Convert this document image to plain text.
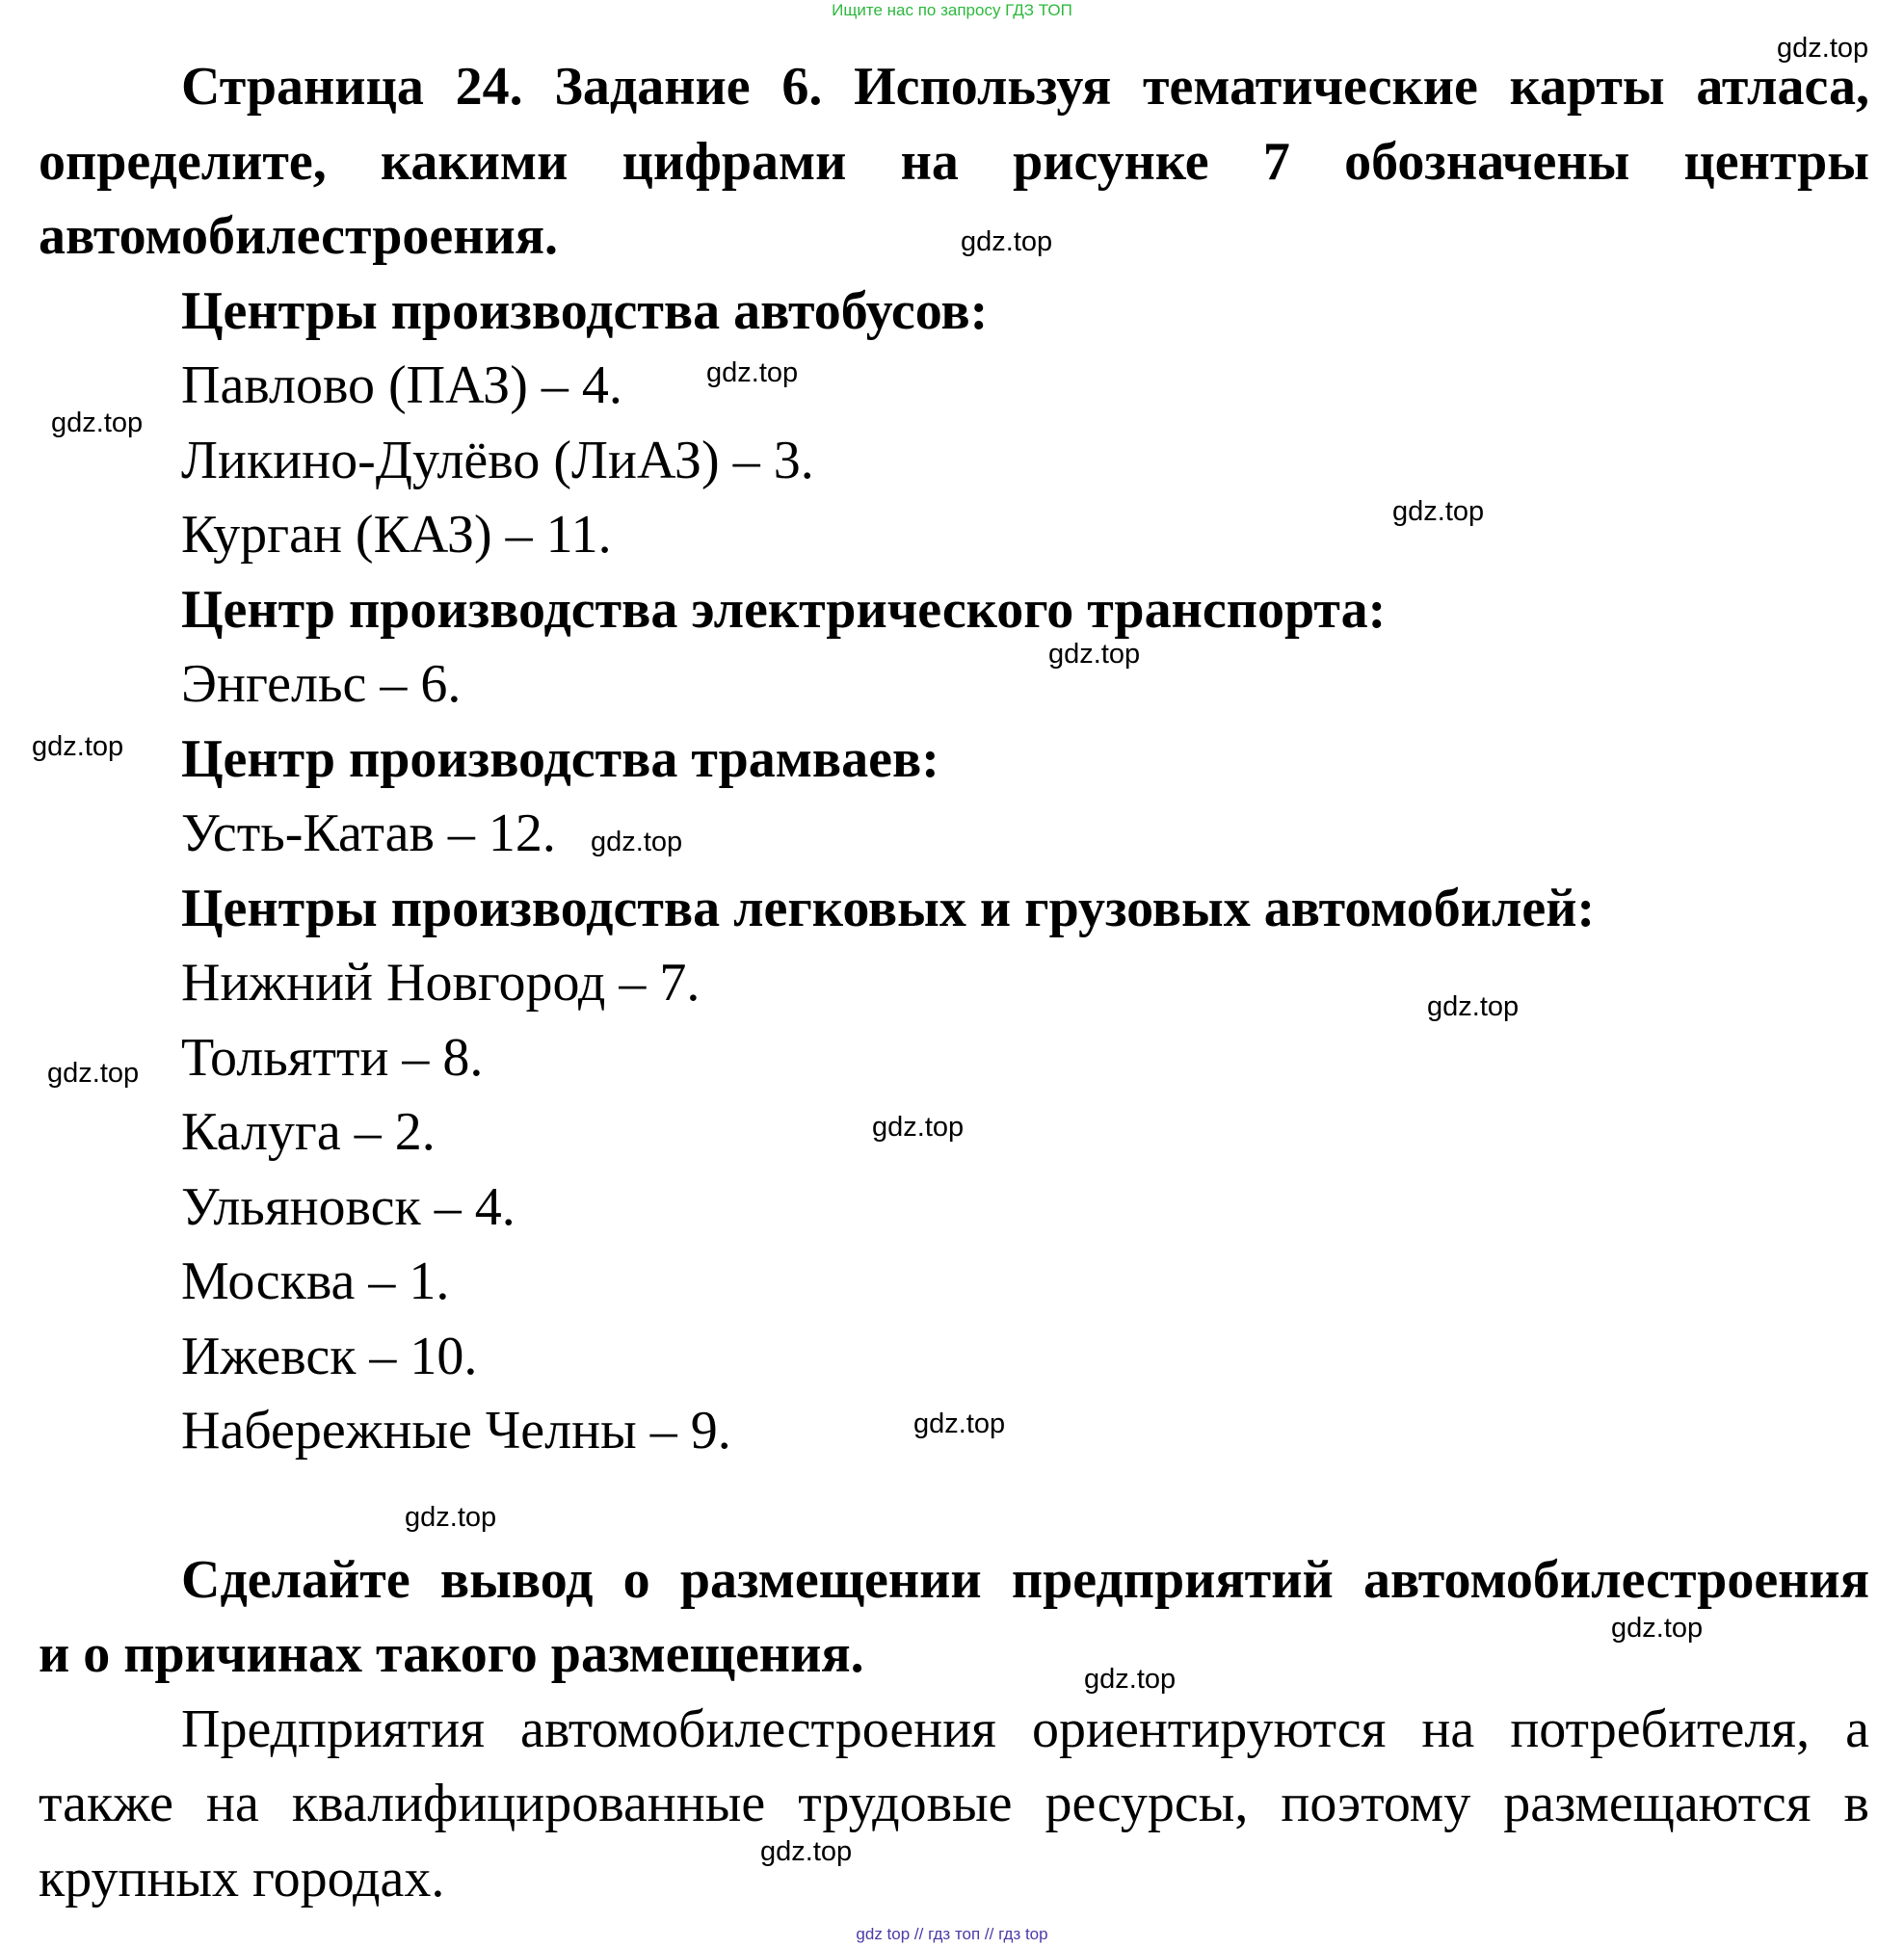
Ищите нас по запросу ГДЗ ТОП

Страница 24. Задание 6. Используя тематические карты атласа,

определите, какими цифрами на рисунке 7 обозначены центры

автомобилестроения.

Центры производства автобусов:

Павлово (ПАЗ) – 4.

Ликино-Дулёво (ЛиАЗ) – 3.

Курган (КАЗ) – 11.

Центр производства электрического транспорта:

Энгельс – 6.

Центр производства трамваев:

Усть-Катав – 12.

Центры производства легковых и грузовых автомобилей:

Нижний Новгород – 7.

Тольятти – 8.

Калуга – 2.

Ульяновск – 4.

Москва – 1.

Ижевск – 10.

Набережные Челны – 9.

Сделайте вывод о размещении предприятий автомобилестроения

и о причинах такого размещения.

Предприятия автомобилестроения ориентируются на потребителя, а

также на квалифицированные трудовые ресурсы, поэтому размещаются в

крупных городах.

gdz.top
gdz.top
gdz.top
gdz.top
gdz.top
gdz.top
gdz.top
gdz.top
gdz.top
gdz.top
gdz.top
gdz.top
gdz.top
gdz.top
gdz.top
gdz.top
gdz top // гдз топ // гдз top
